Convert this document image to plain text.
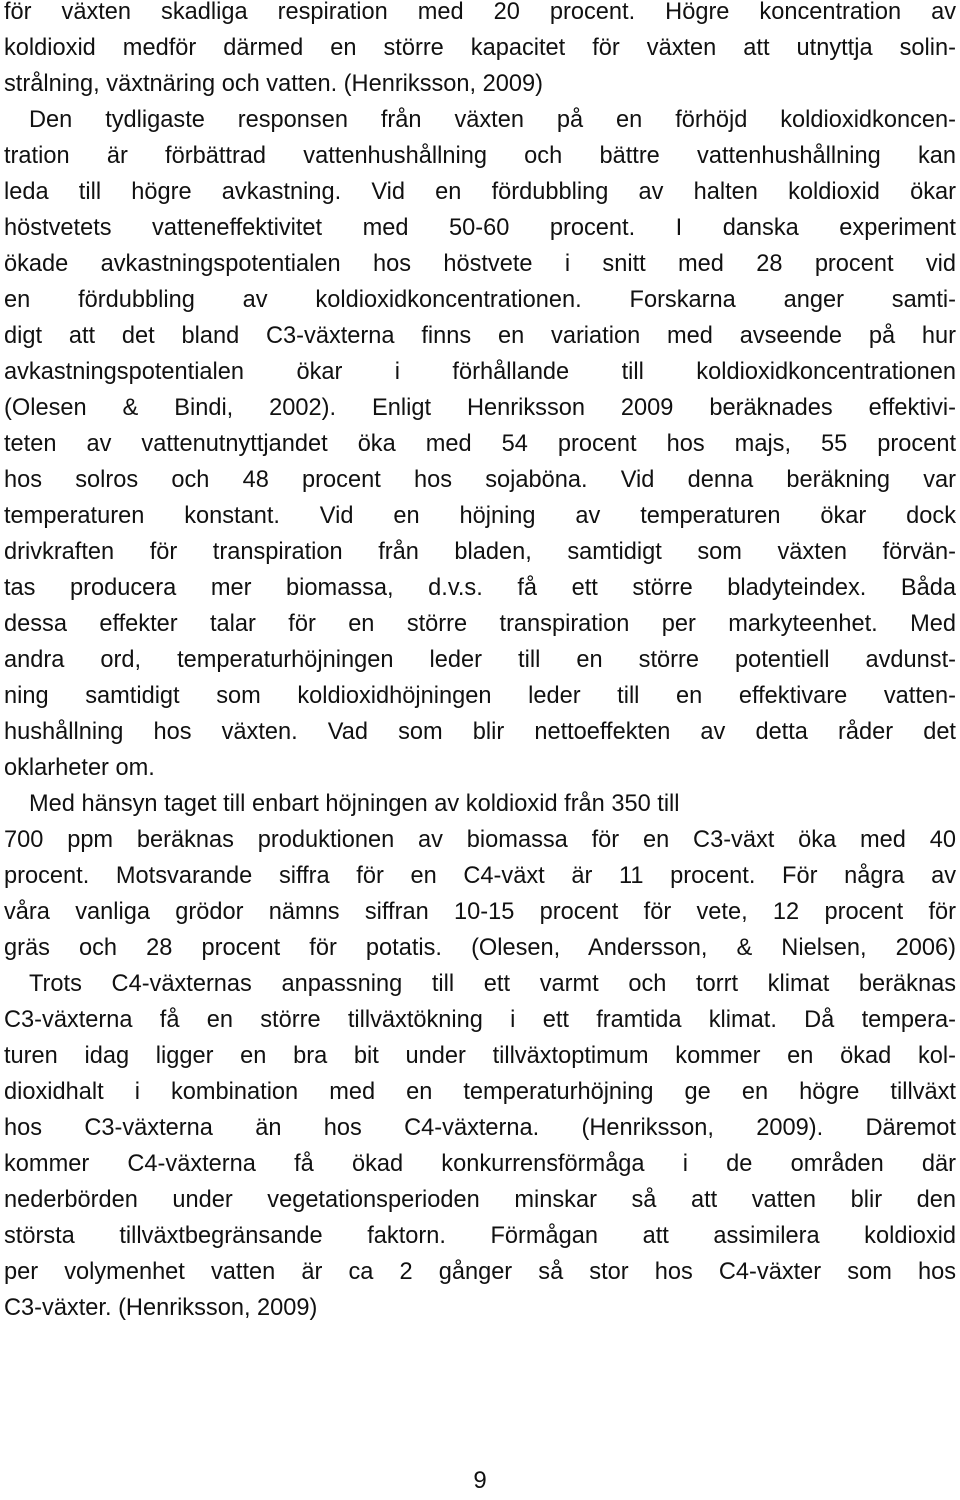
för växten skadliga respiration med 20 procent. Högre koncentration av
koldioxid medför därmed en större kapacitet för växten att utnyttja solin-
strålning, växtnäring och vatten. (Henriksson, 2009)
Den tydligaste responsen från växten på en förhöjd koldioxidkoncen-
tration är förbättrad vattenhushållning och bättre vattenhushållning kan
leda till högre avkastning. Vid en fördubbling av halten koldioxid ökar
höstvetets vatteneffektivitet med 50-60 procent. I danska experiment
ökade avkastningspotentialen hos höstvete i snitt med 28 procent vid
en fördubbling av koldioxidkoncentrationen. Forskarna anger samti-
digt att det bland C3-växterna finns en variation med avseende på hur
avkastningspotentialen ökar i förhållande till koldioxidkoncentrationen
(Olesen & Bindi, 2002). Enligt Henriksson 2009 beräknades effektivi-
teten av vattenutnyttjandet öka med 54 procent hos majs, 55 procent
hos solros och 48 procent hos sojaböna. Vid denna beräkning var
temperaturen konstant. Vid en höjning av temperaturen ökar dock
drivkraften för transpiration från bladen, samtidigt som växten förvän-
tas producera mer biomassa, d.v.s. få ett större bladyteindex. Båda
dessa effekter talar för en större transpiration per markyteenhet. Med
andra ord, temperaturhöjningen leder till en större potentiell avdunst-
ning samtidigt som koldioxidhöjningen leder till en effektivare vatten-
hushållning hos växten. Vad som blir nettoeffekten av detta råder det
oklarheter om.
Med hänsyn taget till enbart höjningen av koldioxid från 350 till
700 ppm beräknas produktionen av biomassa för en C3-växt öka med 40
procent. Motsvarande siffra för en C4-växt är 11 procent. För några av
våra vanliga grödor nämns siffran 10-15 procent för vete, 12 procent för
gräs och 28 procent för potatis. (Olesen, Andersson, & Nielsen, 2006)
Trots C4-växternas anpassning till ett varmt och torrt klimat beräknas
C3-växterna få en större tillväxtökning i ett framtida klimat. Då tempera-
turen idag ligger en bra bit under tillväxtoptimum kommer en ökad kol-
dioxidhalt i kombination med en temperaturhöjning ge en högre tillväxt
hos C3-växterna än hos C4-växterna. (Henriksson, 2009). Däremot
kommer C4-växterna få ökad konkurrensförmåga i de områden där
nederbörden under vegetationsperioden minskar så att vatten blir den
största tillväxtbegränsande faktorn. Förmågan att assimilera koldioxid
per volymenhet vatten är ca 2 gånger så stor hos C4-växter som hos
C3-växter. (Henriksson, 2009)
9
